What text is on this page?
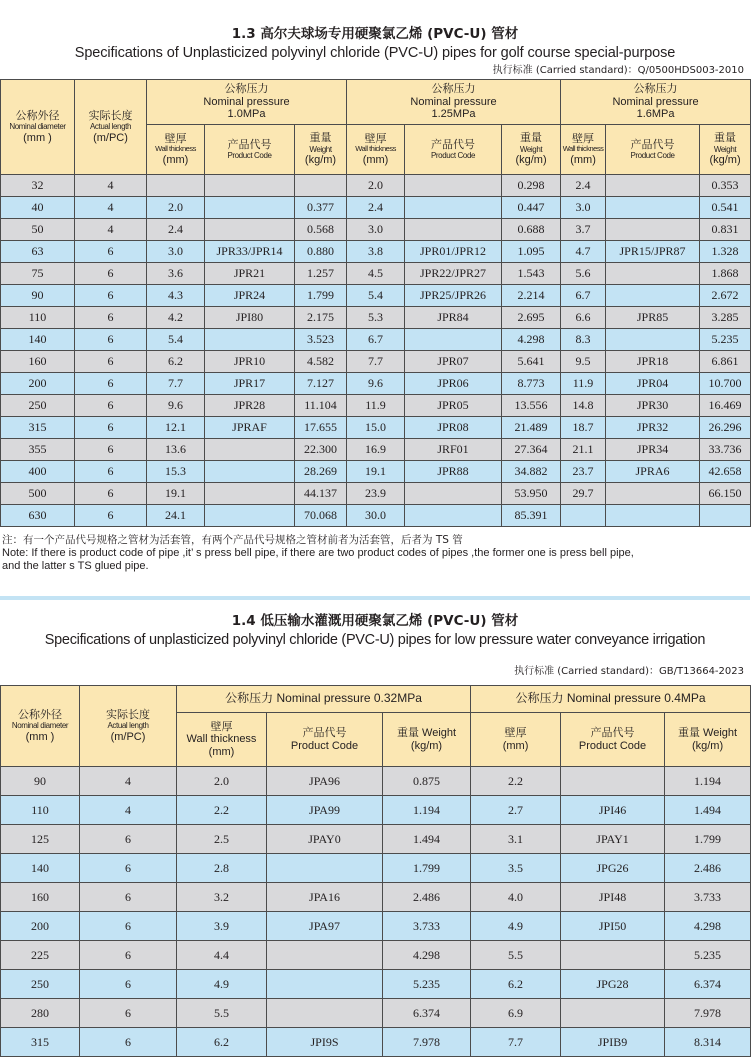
1.3 高尔夫球场专用硬聚氯乙烯 (PVC-U) 管材
Specifications of Unplasticized polyvinyl chloride (PVC-U) pipes for golf course special-purpose
执行标准 (Carried standard)：Q/0500HDS003-2010
公称外径
Nominal diameter
(mm )	实际长度
Actual length
(m/PC)	公称压力
Nominal pressure
1.0MPa			公称压力
Nominal pressure
1.25MPa			公称压力
Nominal pressure
1.6MPa		

		壁厚
Wall thickness
(mm)	产品代号
Product Code	重量
Weight
(kg/m)	壁厚
Wall thickness
(mm)	产品代号
Product Code	重量
Weight
(kg/m)	壁厚
Wall thickness
(mm)	产品代号
Product Code	重量
Weight
(kg/m)

32	4				2.0		0.298	2.4		0.353
40	4	2.0		0.377	2.4		0.447	3.0		0.541
50	4	2.4		0.568	3.0		0.688	3.7		0.831
63	6	3.0	JPR33/JPR14	0.880	3.8	JPR01/JPR12	1.095	4.7	JPR15/JPR87	1.328
75	6	3.6	JPR21	1.257	4.5	JPR22/JPR27	1.543	5.6		1.868
90	6	4.3	JPR24	1.799	5.4	JPR25/JPR26	2.214	6.7		2.672
110	6	4.2	JPI80	2.175	5.3	JPR84	2.695	6.6	JPR85	3.285
140	6	5.4		3.523	6.7		4.298	8.3		5.235
160	6	6.2	JPR10	4.582	7.7	JPR07	5.641	9.5	JPR18	6.861
200	6	7.7	JPR17	7.127	9.6	JPR06	8.773	11.9	JPR04	10.700
250	6	9.6	JPR28	11.104	11.9	JPR05	13.556	14.8	JPR30	16.469
315	6	12.1	JPRAF	17.655	15.0	JPR08	21.489	18.7	JPR32	26.296
355	6	13.6		22.300	16.9	JRF01	27.364	21.1	JPR34	33.736
400	6	15.3		28.269	19.1	JPR88	34.882	23.7	JPRA6	42.658
500	6	19.1		44.137	23.9		53.950	29.7		66.150
630	6	24.1		70.068	30.0		85.391			
注：有一个产品代号规格之管材为活套管，有两个产品代号规格之管材前者为活套管，后者为 TS 管
Note: If there is product code of pipe ,it’ s press bell pipe, if there are two product codes of pipes ,the former one is press bell pipe,
and the latter s TS glued pipe.
1.4 低压输水灌溉用硬聚氯乙烯 (PVC-U) 管材
Specifications of unplasticized polyvinyl chloride (PVC-U) pipes for low pressure water conveyance irrigation
执行标准 (Carried standard)：GB/T13664-2023
公称外径
Nominal diameter
(mm )	实际长度
Actual length
(m/PC)	公称压力 Nominal pressure 0.32MPa			公称压力 Nominal pressure 0.4MPa		

		壁厚
Wall thickness
(mm)	产品代号
Product Code	重量 Weight
(kg/m)	壁厚
(mm)	产品代号
Product Code	重量 Weight
(kg/m)

90	4	2.0	JPA96	0.875	2.2		1.194
110	4	2.2	JPA99	1.194	2.7	JPI46	1.494
125	6	2.5	JPAY0	1.494	3.1	JPAY1	1.799
140	6	2.8		1.799	3.5	JPG26	2.486
160	6	3.2	JPA16	2.486	4.0	JPI48	3.733
200	6	3.9	JPA97	3.733	4.9	JPI50	4.298
225	6	4.4		4.298	5.5		5.235
250	6	4.9		5.235	6.2	JPG28	6.374
280	6	5.5		6.374	6.9		7.978
315	6	6.2	JPI9S	7.978	7.7	JPIB9	8.314
